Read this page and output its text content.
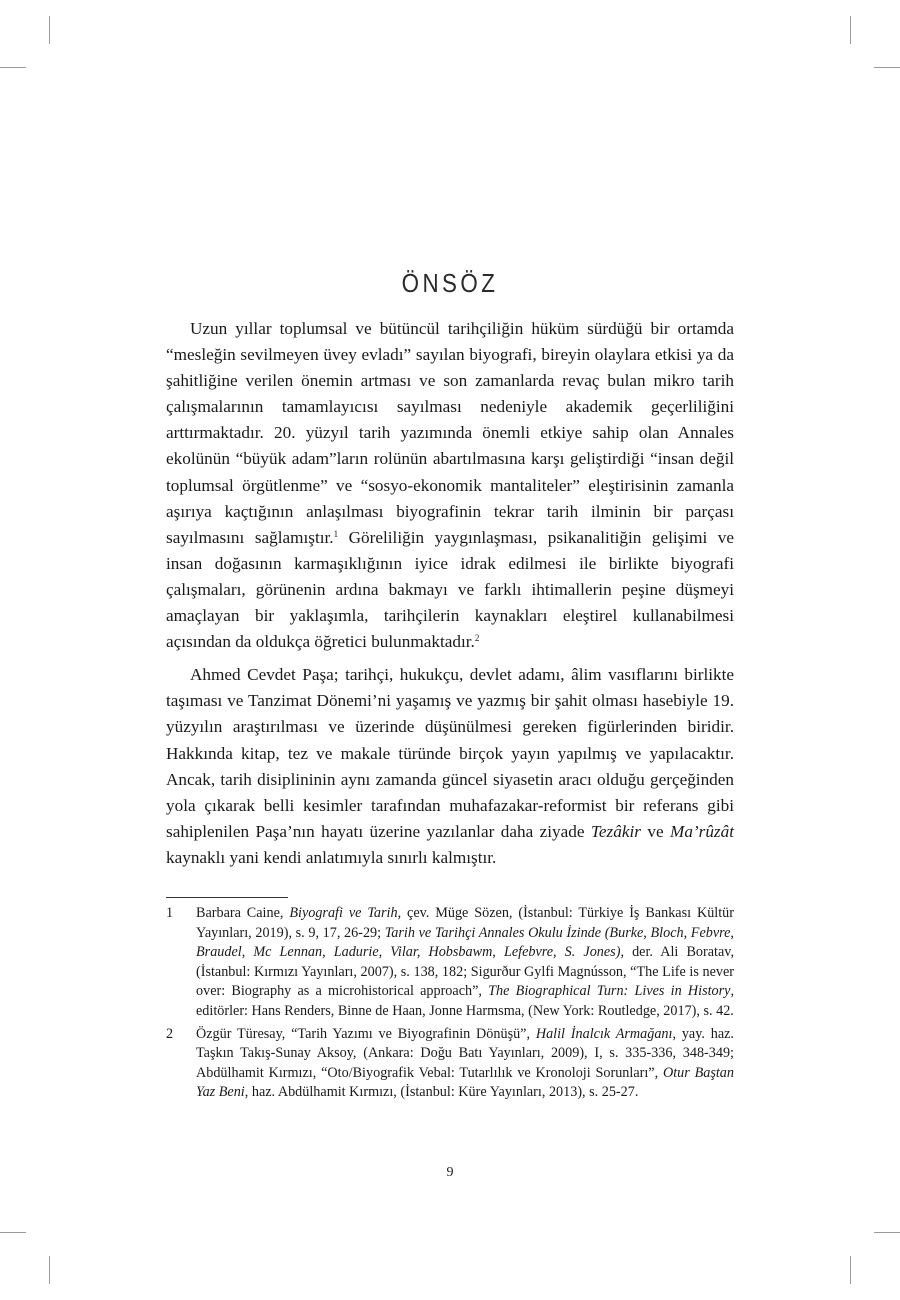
ÖNSÖZ

Uzun yıllar toplumsal ve bütüncül tarihçiliğin hüküm sürdüğü bir ortamda “mesleğin sevilmeyen üvey evladı” sayılan biyografi, bireyin olaylara etkisi ya da şahitliğine verilen önemin artması ve son zamanlarda revaç bulan mikro tarih çalışmalarının tamamlayıcısı sayılması nedeniyle akademik geçerliliğini arttırmaktadır. 20. yüzyıl tarih yazımında önemli etkiye sahip olan Annales ekolünün “büyük adam”ların rolünün abartılmasına karşı geliştirdiği “insan değil toplumsal örgütlenme” ve “sosyo-ekonomik mantaliteler” eleştirisinin zamanla aşırıya kaçtığının anlaşılması biyografinin tekrar tarih ilminin bir parçası sayılmasını sağlamıştır.$^1$ Göreliliğin yaygınlaşması, psikanalitiğin gelişimi ve insan doğasının karmaşıklığının iyice idrak edilmesi ile birlikte biyografi çalışmaları, görünenin ardına bakmayı ve farklı ihtimallerin peşine düşmeyi amaçlayan bir yaklaşımla, tarihçilerin kaynakları eleştirel kullanabilmesi açısından da oldukça öğretici bulunmaktadır.$^2$

Ahmed Cevdet Paşa; tarihçi, hukukçu, devlet adamı, âlim vasıflarını birlikte taşıması ve Tanzimat Dönemi’ni yaşamış ve yazmış bir şahit olması hasebiyle 19. yüzyılın araştırılması ve üzerinde düşünülmesi gereken figürlerinden biridir. Hakkında kitap, tez ve makale türünde birçok yayın yapılmış ve yapılacaktır. Ancak, tarih disiplininin aynı zamanda güncel siyasetin aracı olduğu gerçeğinden yola çıkarak belli kesimler tarafından muhafazakar-reformist bir referans gibi sahiplenilen Paşa’nın hayatı üzerine yazılanlar daha ziyade Tezâkir ve Ma’rûzât kaynaklı yani kendi anlatımıyla sınırlı kalmıştır.

1	Barbara Caine, Biyografi ve Tarih, çev. Müge Sözen, (İstanbul: Türkiye İş Bankası Kültür Yayınları, 2019), s. 9, 17, 26-29; Tarih ve Tarihçi Annales Okulu İzinde (Burke, Bloch, Febvre, Braudel, Mc Lennan, Ladurie, Vilar, Hobsbawm, Lefebvre, S. Jones), der. Ali Boratav, (İstanbul: Kırmızı Yayınları, 2007), s. 138, 182; Sigurður Gylfi Magnússon, “The Life is never over: Biography as a microhistorical approach”, The Biographical Turn: Lives in History, editörler: Hans Renders, Binne de Haan, Jonne Harmsma, (New York: Routledge, 2017), s. 42.
2	Özgür Türesay, “Tarih Yazımı ve Biyografinin Dönüşü”, Halil İnalcık Armağanı, yay. haz. Taşkın Takış-Sunay Aksoy, (Ankara: Doğu Batı Yayınları, 2009), I, s. 335-336, 348-349; Abdülhamit Kırmızı, “Oto/Biyografik Vebal: Tutarlılık ve Kronoloji Sorunları”, Otur Baştan Yaz Beni, haz. Abdülhamit Kırmızı, (İstanbul: Küre Yayınları, 2013), s. 25-27.
9
